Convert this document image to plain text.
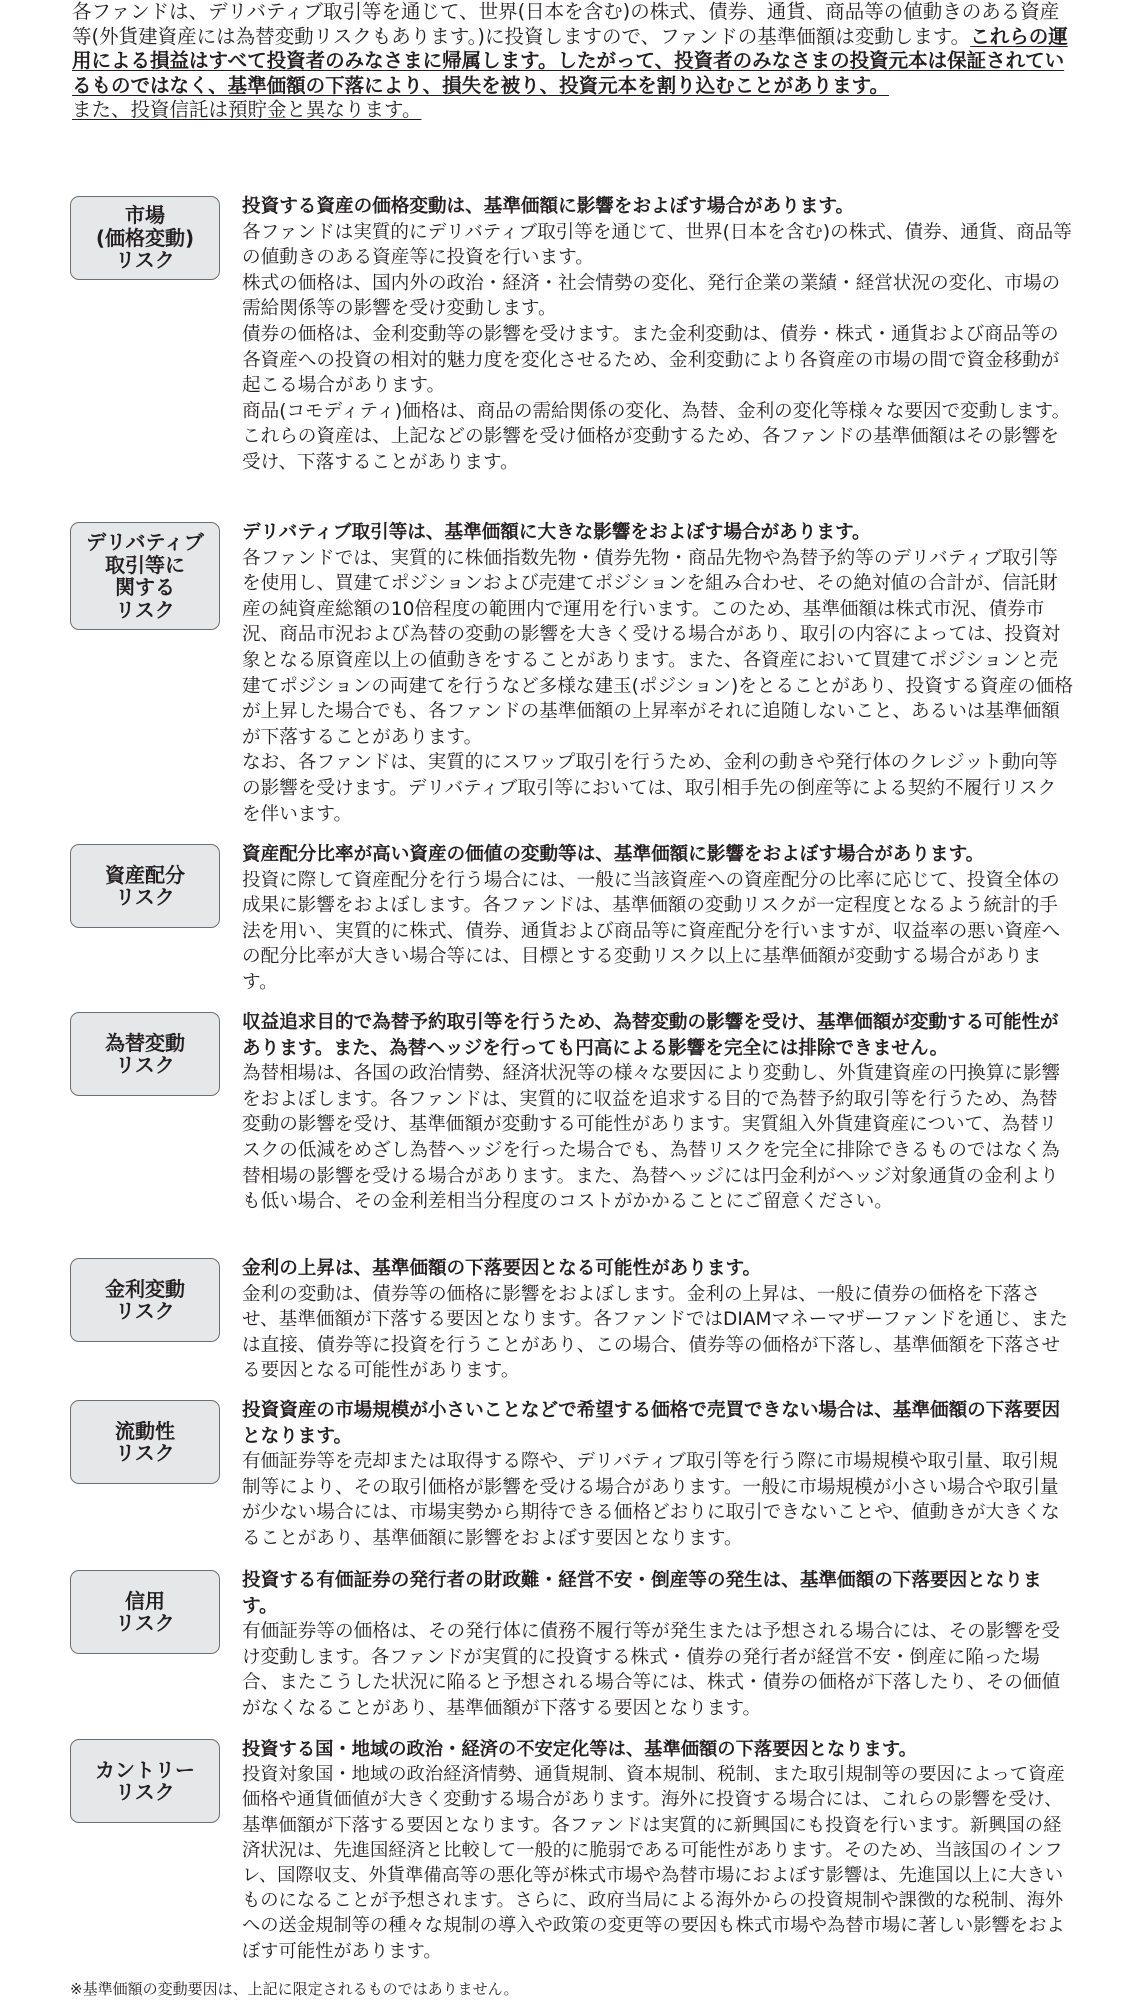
各ファンドは、デリバティブ取引等を通じて、世界(日本を含む)の株式、債券、通貨、商品等の値動きのある資産等(外貨建資産には為替変動リスクもあります。)に投資しますので、ファンドの基準価額は変動します。これらの運用による損益はすべて投資者のみなさまに帰属します。したがって、投資者のみなさまの投資元本は保証されているものではなく、基準価額の下落により、損失を被り、投資元本を割り込むことがあります。

また、投資信託は預貯金と異なります。

市場
(価格変動)
リスク

投資する資産の価格変動は、基準価額に影響をおよぼす場合があります。

各ファンドは実質的にデリバティブ取引等を通じて、世界(日本を含む)の株式、債券、通貨、商品等の値動きのある資産等に投資を行います。

株式の価格は、国内外の政治・経済・社会情勢の変化、発行企業の業績・経営状況の変化、市場の需給関係等の影響を受け変動します。

債券の価格は、金利変動等の影響を受けます。また金利変動は、債券・株式・通貨および商品等の各資産への投資の相対的魅力度を変化させるため、金利変動により各資産の市場の間で資金移動が起こる場合があります。

商品(コモディティ)価格は、商品の需給関係の変化、為替、金利の変化等様々な要因で変動します。

これらの資産は、上記などの影響を受け価格が変動するため、各ファンドの基準価額はその影響を受け、下落することがあります。

デリバティブ
取引等に
関する
リスク

デリバティブ取引等は、基準価額に大きな影響をおよぼす場合があります。

各ファンドでは、実質的に株価指数先物・債券先物・商品先物や為替予約等のデリバティブ取引等を使用し、買建てポジションおよび売建てポジションを組み合わせ、その絶対値の合計が、信託財産の純資産総額の10倍程度の範囲内で運用を行います。このため、基準価額は株式市況、債券市況、商品市況および為替の変動の影響を大きく受ける場合があり、取引の内容によっては、投資対象となる原資産以上の値動きをすることがあります。また、各資産において買建てポジションと売建てポジションの両建てを行うなど多様な建玉(ポジション)をとることがあり、投資する資産の価格が上昇した場合でも、各ファンドの基準価額の上昇率がそれに追随しないこと、あるいは基準価額が下落することがあります。

なお、各ファンドは、実質的にスワップ取引を行うため、金利の動きや発行体のクレジット動向等の影響を受けます。デリバティブ取引等においては、取引相手先の倒産等による契約不履行リスクを伴います。

資産配分
リスク

資産配分比率が高い資産の価値の変動等は、基準価額に影響をおよぼす場合があります。

投資に際して資産配分を行う場合には、一般に当該資産への資産配分の比率に応じて、投資全体の成果に影響をおよぼします。各ファンドは、基準価額の変動リスクが一定程度となるよう統計的手法を用い、実質的に株式、債券、通貨および商品等に資産配分を行いますが、収益率の悪い資産への配分比率が大きい場合等には、目標とする変動リスク以上に基準価額が変動する場合があります。

為替変動
リスク

収益追求目的で為替予約取引等を行うため、為替変動の影響を受け、基準価額が変動する可能性があります。また、為替ヘッジを行っても円高による影響を完全には排除できません。

為替相場は、各国の政治情勢、経済状況等の様々な要因により変動し、外貨建資産の円換算に影響をおよぼします。各ファンドは、実質的に収益を追求する目的で為替予約取引等を行うため、為替変動の影響を受け、基準価額が変動する可能性があります。実質組入外貨建資産について、為替リスクの低減をめざし為替ヘッジを行った場合でも、為替リスクを完全に排除できるものではなく為替相場の影響を受ける場合があります。また、為替ヘッジには円金利がヘッジ対象通貨の金利よりも低い場合、その金利差相当分程度のコストがかかることにご留意ください。

金利変動
リスク

金利の上昇は、基準価額の下落要因となる可能性があります。

金利の変動は、債券等の価格に影響をおよぼします。金利の上昇は、一般に債券の価格を下落させ、基準価額が下落する要因となります。各ファンドではDIAMマネーマザーファンドを通じ、または直接、債券等に投資を行うことがあり、この場合、債券等の価格が下落し、基準価額を下落させる要因となる可能性があります。

流動性
リスク

投資資産の市場規模が小さいことなどで希望する価格で売買できない場合は、基準価額の下落要因となります。

有価証券等を売却または取得する際や、デリバティブ取引等を行う際に市場規模や取引量、取引規制等により、その取引価格が影響を受ける場合があります。一般に市場規模が小さい場合や取引量が少ない場合には、市場実勢から期待できる価格どおりに取引できないことや、値動きが大きくなることがあり、基準価額に影響をおよぼす要因となります。

信用
リスク

投資する有価証券の発行者の財政難・経営不安・倒産等の発生は、基準価額の下落要因となります。

有価証券等の価格は、その発行体に債務不履行等が発生または予想される場合には、その影響を受け変動します。各ファンドが実質的に投資する株式・債券の発行者が経営不安・倒産に陥った場合、またこうした状況に陥ると予想される場合等には、株式・債券の価格が下落したり、その価値がなくなることがあり、基準価額が下落する要因となります。

カントリー
リスク

投資する国・地域の政治・経済の不安定化等は、基準価額の下落要因となります。

投資対象国・地域の政治経済情勢、通貨規制、資本規制、税制、また取引規制等の要因によって資産価格や通貨価値が大きく変動する場合があります。海外に投資する場合には、これらの影響を受け、基準価額が下落する要因となります。各ファンドは実質的に新興国にも投資を行います。新興国の経済状況は、先進国経済と比較して一般的に脆弱である可能性があります。そのため、当該国のインフレ、国際収支、外貨準備高等の悪化等が株式市場や為替市場におよぼす影響は、先進国以上に大きいものになることが予想されます。さらに、政府当局による海外からの投資規制や課徴的な税制、海外への送金規制等の種々な規制の導入や政策の変更等の要因も株式市場や為替市場に著しい影響をおよぼす可能性があります。

※基準価額の変動要因は、上記に限定されるものではありません。
